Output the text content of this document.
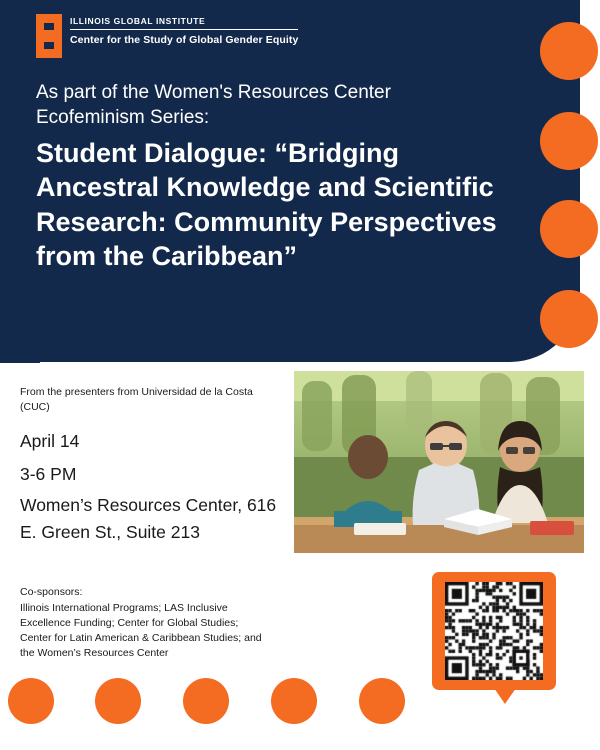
ILLINOIS GLOBAL INSTITUTE
Center for the Study of Global Gender Equity
As part of the Women's Resources Center Ecofeminism Series:
Student Dialogue: “Bridging Ancestral Knowledge and Scientific Research: Community Perspectives from the Caribbean”
From the presenters from Universidad de la Costa (CUC)
April 14
3-6 PM
Women’s Resources Center, 616 E. Green St., Suite 213
Co-sponsors:
Illinois International Programs; LAS Inclusive Excellence Funding; Center for Global Studies; Center for Latin American & Caribbean Studies; and the Women’s Resources Center
